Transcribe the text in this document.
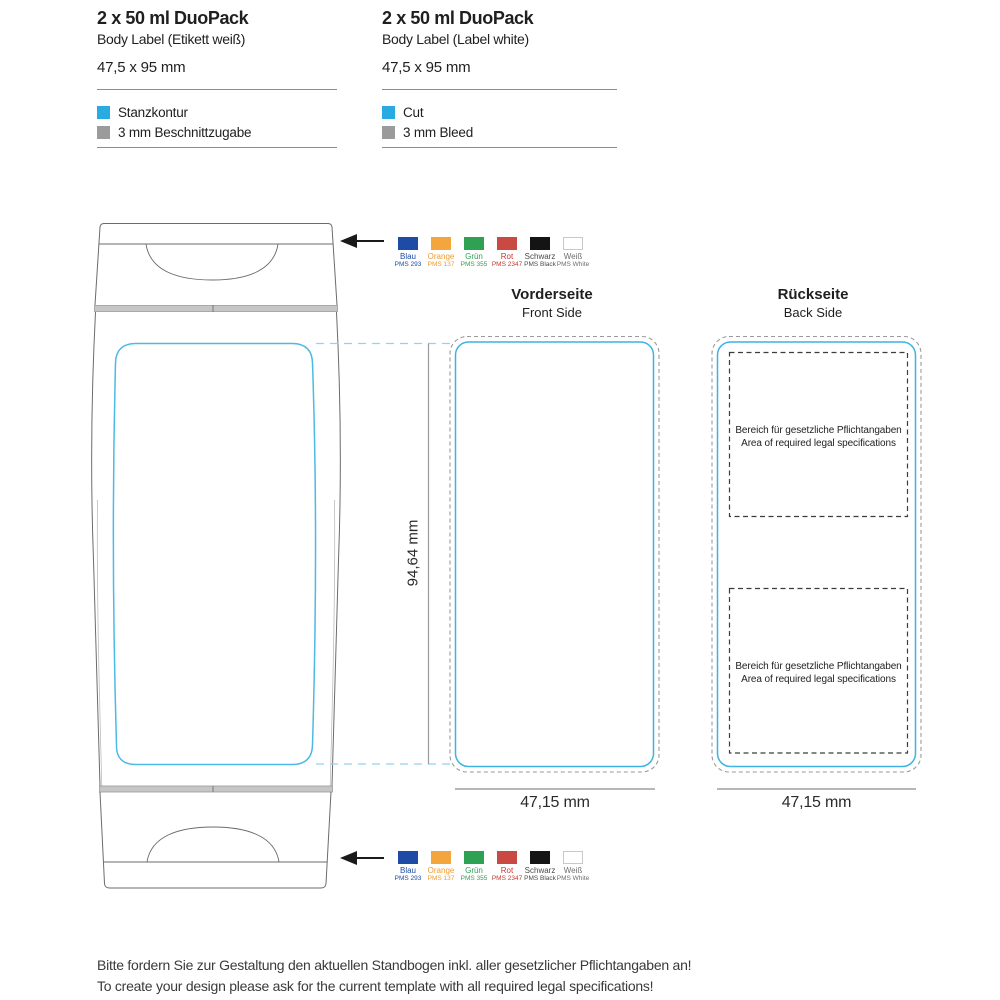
2 x 50 ml DuoPack
Body Label (Etikett weiß)
47,5 x 95 mm
Stanzkontur
3 mm Beschnittzugabe
2 x 50 ml DuoPack
Body Label (Label white)
47,5 x 95 mm
Cut
3 mm Bleed
Blau
PMS 293
Orange
PMS 137
Grün
PMS 355
Rot
PMS 2347
Schwarz
PMS Black
Weiß
PMS White
Blau
PMS 293
Orange
PMS 137
Grün
PMS 355
Rot
PMS 2347
Schwarz
PMS Black
Weiß
PMS White
Vorderseite
Front Side
94,64 mm
47,15 mm
Rückseite
Back Side
Bereich für gesetzliche Pflichtangaben
Area of required legal specifications
Bereich für gesetzliche Pflichtangaben
Area of required legal specifications
47,15 mm
Bitte fordern Sie zur Gestaltung den aktuellen Standbogen inkl. aller gesetzlicher Pflichtangaben an!
To create your design please ask for the current template with all required legal specifications!
